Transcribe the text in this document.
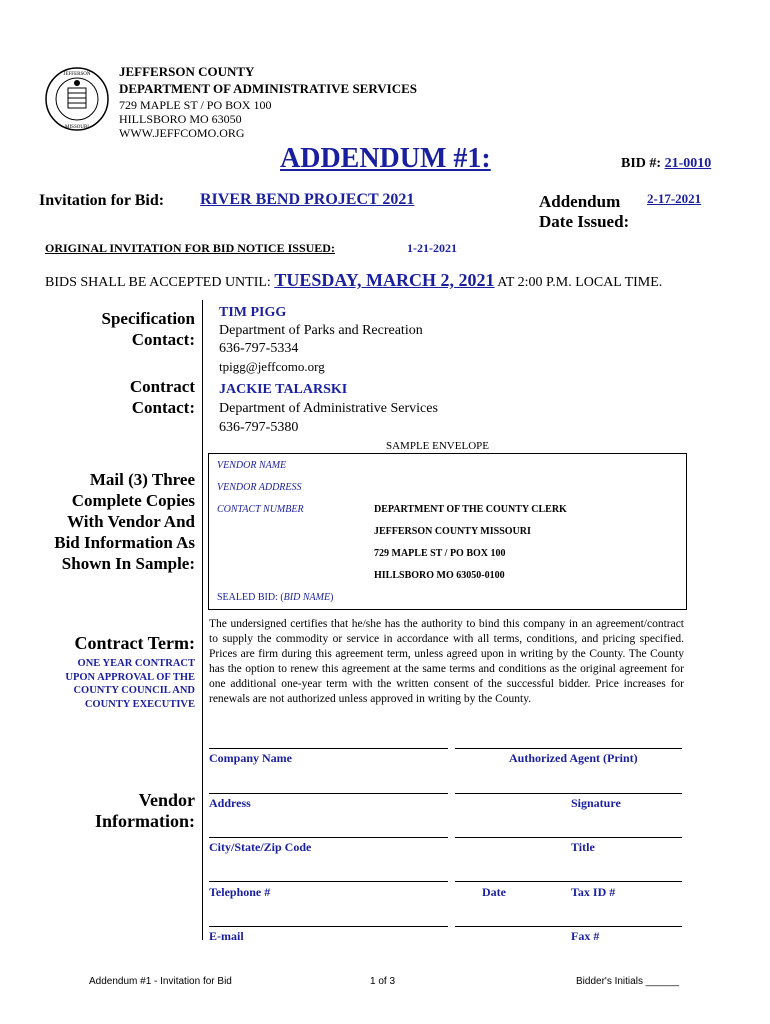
JEFFERSON
MISSOURI
JEFFERSON COUNTY
DEPARTMENT OF ADMINISTRATIVE SERVICES
729 MAPLE ST / PO BOX 100
HILLSBORO MO 63050
WWW.JEFFCOMO.ORG
ADDENDUM #1:	BID #: 21-0010
Invitation for Bid: RIVER BEND PROJECT 2021	Addendum
Date Issued:
2-17-2021
ORIGINAL INVITATION FOR BID NOTICE ISSUED:	1-21-2021
BIDS SHALL BE ACCEPTED UNTIL: TUESDAY, MARCH 2, 2021 AT 2:00 P.M. LOCAL TIME.
Specification
Contact:
TIM PIGG
Department of Parks and Recreation
636-797-5334
tpigg@jeffcomo.org
Contract
Contact:
JACKIE TALARSKI
Department of Administrative Services
636-797-5380
Mail (3) Three
Complete Copies
With Vendor And
Bid Information As
Shown In Sample:
SAMPLE ENVELOPE
VENDOR NAME
VENDOR ADDRESS
CONTACT NUMBER	DEPARTMENT OF THE COUNTY CLERK
JEFFERSON COUNTY MISSOURI
729 MAPLE ST / PO BOX 100
HILLSBORO MO 63050-0100
SEALED BID: (BID NAME)
Contract Term:
ONE YEAR CONTRACT
UPON APPROVAL OF THE
COUNTY COUNCIL AND
COUNTY EXECUTIVE
The undersigned certifies that he/she has the authority to bind this company in an agreement/contract to supply the commodity or service in accordance with all terms, conditions, and pricing specified. Prices are firm during this agreement term, unless agreed upon in writing by the County. The County has the option to renew this agreement at the same terms and conditions as the original agreement for one additional one-year term with the written consent of the successful bidder. Price increases for renewals are not authorized unless approved in writing by the County.
Vendor
Information:
Company Name	Authorized Agent (Print)
Address	Signature
City/State/Zip Code	Title
Telephone #	Date	Tax ID #
E-mail	Fax #
Addendum #1 - Invitation for Bid	1 of 3	Bidder's Initials ______
